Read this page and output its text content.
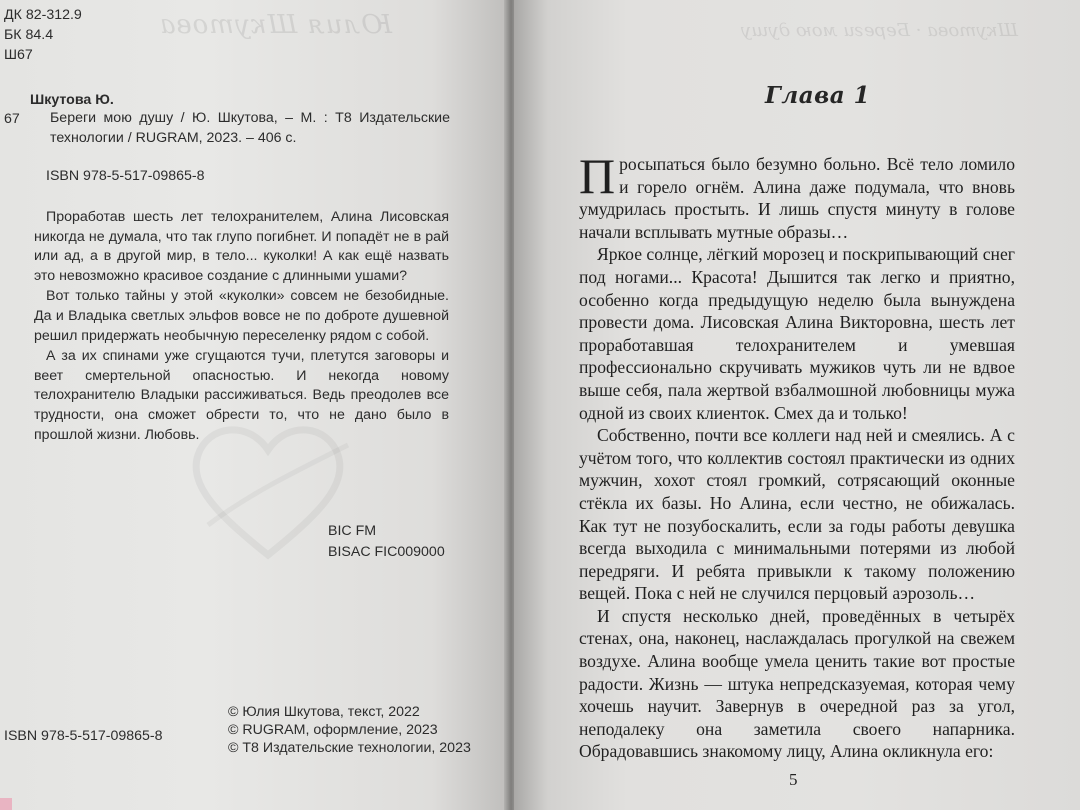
Юлия Шкутова
ДК 82-312.9
БК 84.4
Ш67
67
Шкутова Ю.
Береги мою душу / Ю. Шкутова, – М. : Т8 Издательские технологии / RUGRAM, 2023. – 406 с.
ISBN 978-5-517-09865-8

Проработав шесть лет телохранителем, Алина Лисовская никогда не думала, что так глупо погибнет. И попадёт не в рай или ад, а в другой мир, в тело... куколки! А как ещё назвать это невозможно красивое создание с длинными ушами?

Вот только тайны у этой «куколки» совсем не безобидные. Да и Владыка светлых эльфов вовсе не по доброте душевной решил придержать необычную переселенку рядом с собой.

А за их спинами уже сгущаются тучи, плетутся заговоры и веет смертельной опасностью. И некогда новому телохранителю Владыки рассиживаться. Ведь преодолев все трудности, она сможет обрести то, что не дано было в прошлой жизни. Любовь.

BIC FM
BISAC FIC009000
ISBN 978-5-517-09865-8
© Юлия Шкутова, текст, 2022
© RUGRAM, оформление, 2023
© Т8 Издательские технологии, 2023
Шкутова · Береги мою душу
Глава 1

Просыпаться было безумно больно. Всё тело ломило и горело огнём. Алина даже подумала, что вновь умудрилась простыть. И лишь спустя минуту в голове начали всплывать мутные образы…

Яркое солнце, лёгкий морозец и поскрипывающий снег под ногами... Красота! Дышится так легко и приятно, особенно когда предыдущую неделю была вынуждена провести дома. Лисовская Алина Викторовна, шесть лет проработавшая телохранителем и умевшая профессионально скручивать мужиков чуть ли не вдвое выше себя, пала жертвой взбалмошной любовницы мужа одной из своих клиенток. Смех да и только!

Собственно, почти все коллеги над ней и смеялись. А с учётом того, что коллектив состоял практически из одних мужчин, хохот стоял громкий, сотрясающий оконные стёкла их базы. Но Алина, если честно, не обижалась. Как тут не позубоскалить, если за годы работы девушка всегда выходила с минимальными потерями из любой передряги. И ребята привыкли к такому положению вещей. Пока с ней не случился перцовый аэрозоль…

И спустя несколько дней, проведённых в четырёх стенах, она, наконец, наслаждалась прогулкой на свежем воздухе. Алина вообще умела ценить такие вот простые радости. Жизнь — штука непредсказуемая, которая чему хочешь научит. Завернув в очередной раз за угол, неподалеку она заметила своего напарника. Обрадовавшись знакомому лицу, Алина окликнула его:

5
